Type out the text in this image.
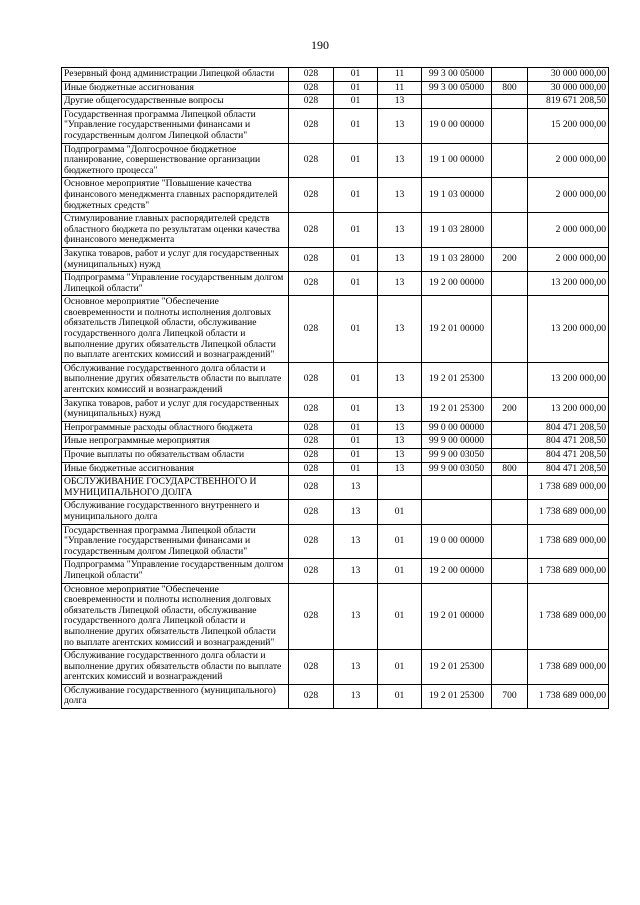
190
Резервный фонд администрации Липецкой области	028	01	11	99 3 00 05000		30 000 000,00
Иные бюджетные ассигнования	028	01	11	99 3 00 05000	800	30 000 000,00
Другие общегосударственные вопросы	028	01	13			819 671 208,50
Государственная программа Липецкой области "Управление государственными финансами и государственным долгом Липецкой области"	028	01	13	19 0 00 00000		15 200 000,00
Подпрограмма "Долгосрочное бюджетное планирование, совершенствование организации бюджетного процесса"	028	01	13	19 1 00 00000		2 000 000,00
Основное мероприятие "Повышение качества финансового менеджмента главных распорядителей бюджетных средств"	028	01	13	19 1 03 00000		2 000 000,00
Стимулирование главных распорядителей средств областного бюджета по результатам оценки качества финансового менеджмента	028	01	13	19 1 03 28000		2 000 000,00
Закупка товаров, работ и услуг для государственных (муниципальных) нужд	028	01	13	19 1 03 28000	200	2 000 000,00
Подпрограмма "Управление государственным долгом Липецкой области"	028	01	13	19 2 00 00000		13 200 000,00
Основное мероприятие "Обеспечение своевременности и полноты исполнения долговых обязательств Липецкой области, обслуживание государственного долга Липецкой области и выполнение других обязательств Липецкой области по выплате агентских комиссий и вознаграждений"	028	01	13	19 2 01 00000		13 200 000,00
Обслуживание государственного долга области и выполнение других обязательств области по выплате агентских комиссий и вознаграждений	028	01	13	19 2 01 25300		13 200 000,00
Закупка товаров, работ и услуг для государственных (муниципальных) нужд	028	01	13	19 2 01 25300	200	13 200 000,00
Непрограммные расходы областного бюджета	028	01	13	99 0 00 00000		804 471 208,50
Иные непрограммные мероприятия	028	01	13	99 9 00 00000		804 471 208,50
Прочие выплаты по обязательствам области	028	01	13	99 9 00 03050		804 471 208,50
Иные бюджетные ассигнования	028	01	13	99 9 00 03050	800	804 471 208,50
ОБСЛУЖИВАНИЕ ГОСУДАРСТВЕННОГО И МУНИЦИПАЛЬНОГО ДОЛГА	028	13				1 738 689 000,00
Обслуживание государственного внутреннего и муниципального долга	028	13	01			1 738 689 000,00
Государственная программа Липецкой области "Управление государственными финансами и государственным долгом Липецкой области"	028	13	01	19 0 00 00000		1 738 689 000,00
Подпрограмма "Управление государственным долгом Липецкой области"	028	13	01	19 2 00 00000		1 738 689 000,00
Основное мероприятие "Обеспечение своевременности и полноты исполнения долговых обязательств Липецкой области, обслуживание государственного долга Липецкой области и выполнение других обязательств Липецкой области по выплате агентских комиссий и вознаграждений"	028	13	01	19 2 01 00000		1 738 689 000,00
Обслуживание государственного долга области и выполнение других обязательств области по выплате агентских комиссий и вознаграждений	028	13	01	19 2 01 25300		1 738 689 000,00
Обслуживание государственного (муниципального) долга	028	13	01	19 2 01 25300	700	1 738 689 000,00
